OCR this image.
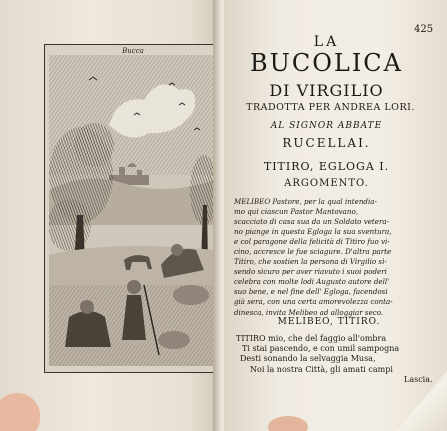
Bucca
425
LA
BUCOLICA
DI VIRGILIO
TRADOTTA PER ANDREA LORI.
AL SIGNOR ABBATE
RUCELLAI.
TITIRO, EGLOGA I.
ARGOMENTO.
MELIBEO Pastore, per la qual intendia-
mo qui ciascun Pastor Mantovano,
scacciato di casa sua da un Soldato vetera-
no piange in questa Egloga la sua sventura,
e col paragone della felicità di Titiro fuo vi-
cino, accresce le fue sciagure. D'altra parte
Titiro, che sostien la persona di Virgilio sì-
sendo sicuro per aver riavuto i suoi poderi
celebra con molte lodi Augusto autore dell'
suo bene, e nel fine dell' Egloga, facendosi
già sera, con una certa amorevolezza conta-
dinesca, invita Melibeo ad alloggiar seco.
MELIBEO, TITIRO.
TITIRO mio, che del faggio all'ombra
Ti stai pascendo, e con umil sampogna
Desti sonando la selvaggia Musa,
Noi la nostra Città, gli amati campi
Lascia.
